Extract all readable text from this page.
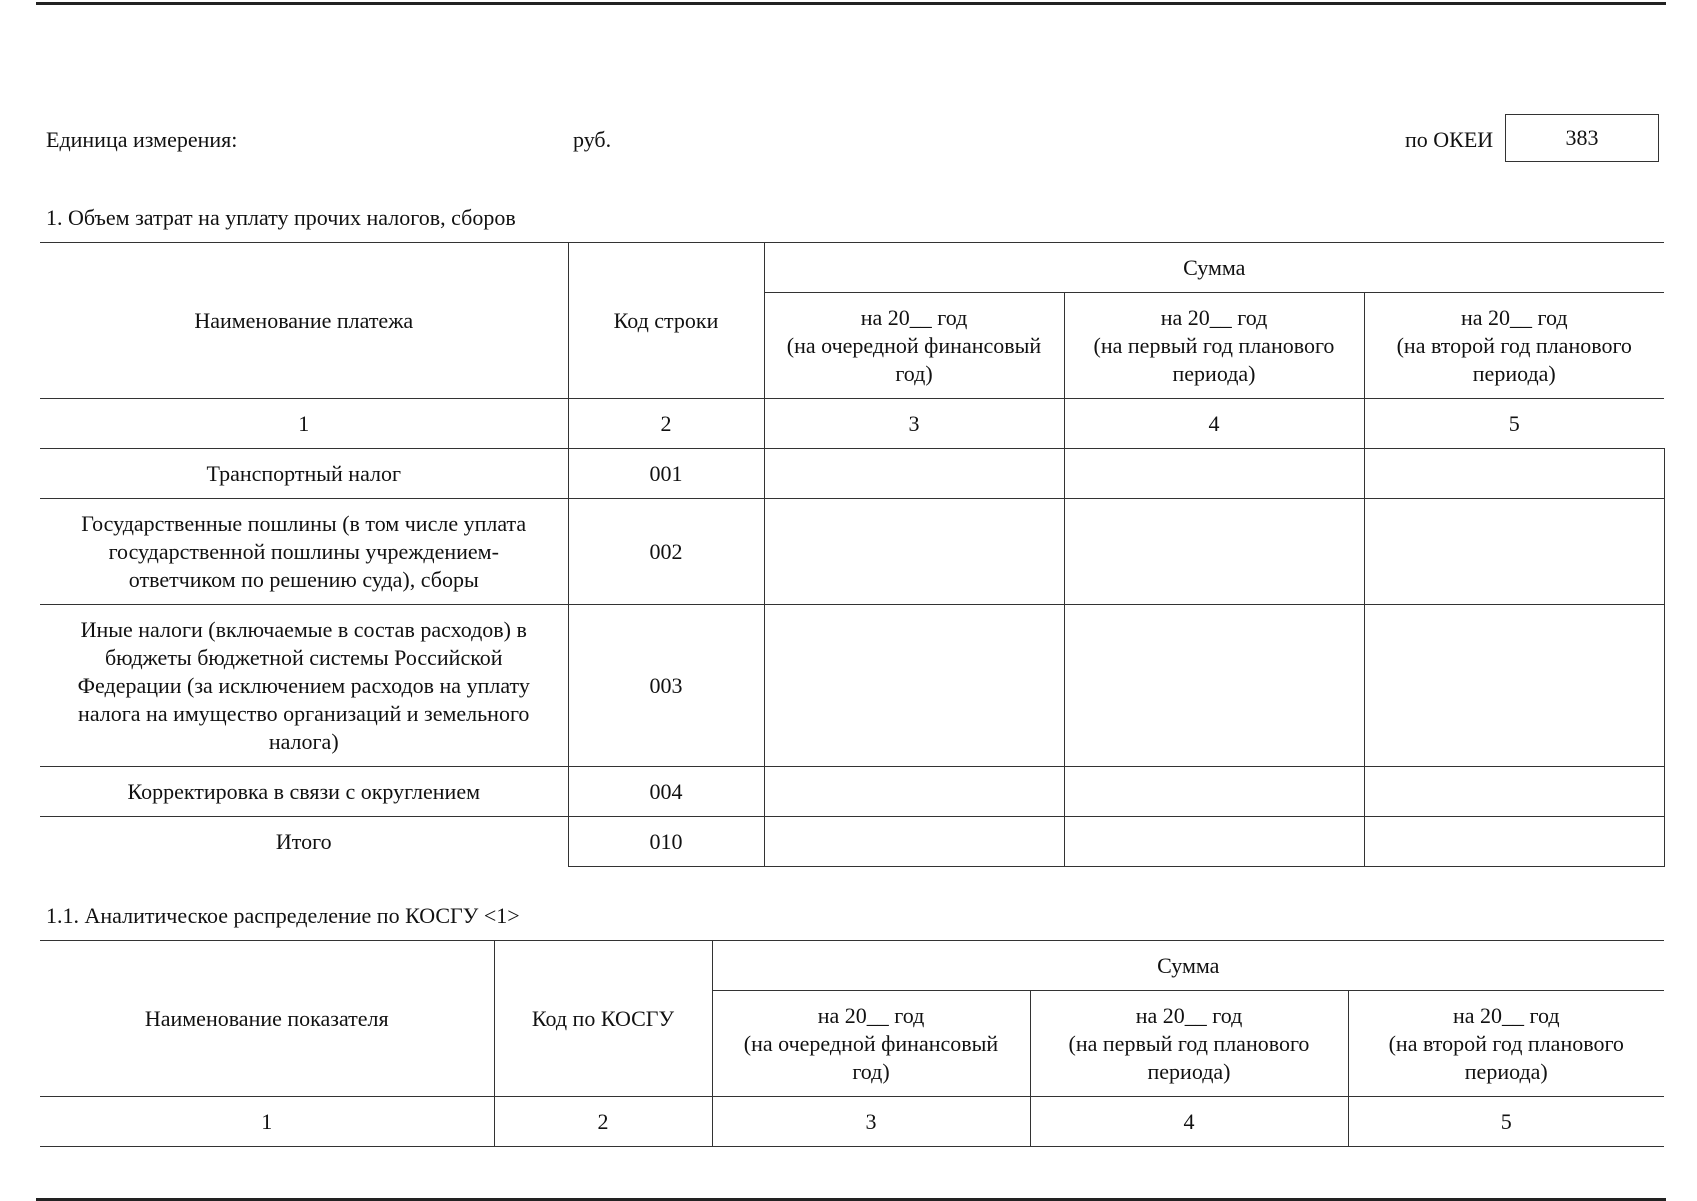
Единица измерения:	руб.	по ОКЕИ	383
1. Объем затрат на уплату прочих налогов, сборов
Наименование платежа	Код строки	Сумма		

		на 20__ год
(на очередной финансовый
год)	на 20__ год
(на первый год планового
периода)	на 20__ год
(на второй год планового
периода)

1	2	3	4	5

Транспортный налог	001			

Государственные пошлины (в том числе уплата
государственной пошлины учреждением-
ответчиком по решению суда), сборы	002			

Иные налоги (включаемые в состав расходов) в
бюджеты бюджетной системы Российской
Федерации (за исключением расходов на уплату
налога на имущество организаций и земельного
налога)	003			

Корректировка в связи с округлением	004			
Итого	010			
1.1. Аналитическое распределение по КОСГУ <1>
Наименование показателя	Код по КОСГУ	Сумма		

		на 20__ год
(на очередной финансовый
год)	на 20__ год
(на первый год планового
периода)	на 20__ год
(на второй год планового
периода)

1	2	3	4	5
